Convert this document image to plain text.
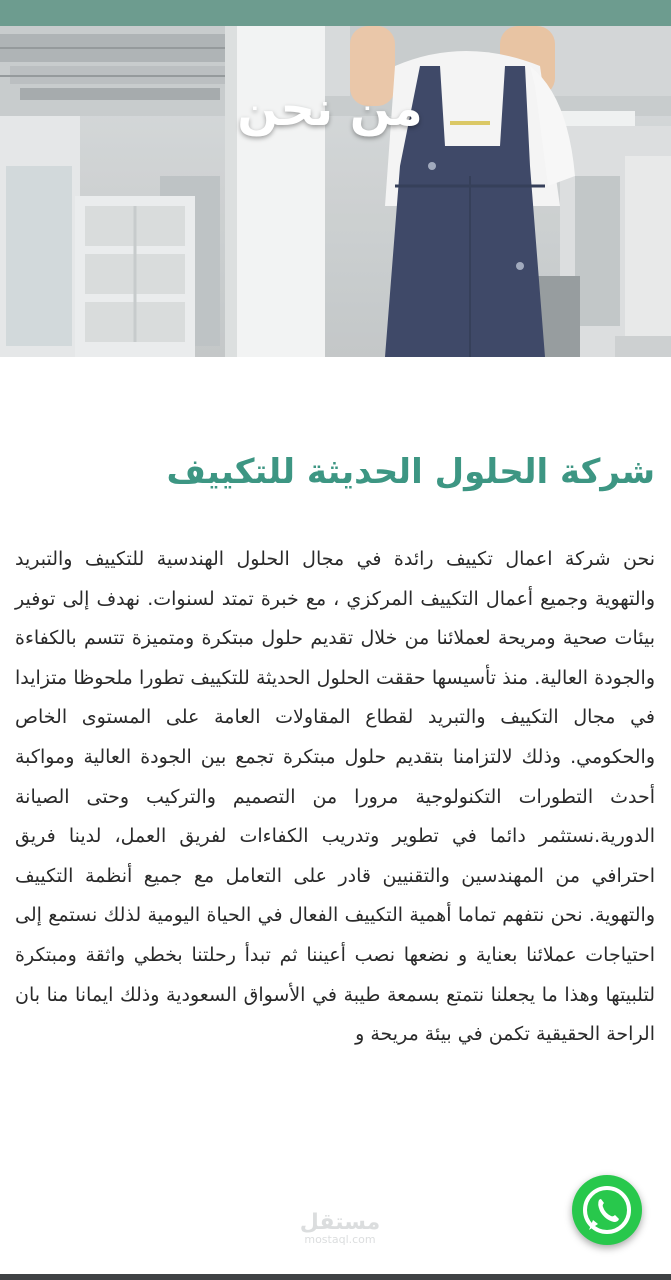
من نحن
شركة الحلول الحديثة للتكييف

نحن شركة اعمال تكييف رائدة في مجال الحلول الهندسية للتكييف والتبريد والتهوية وجميع أعمال التكييف المركزي ، مع خبرة تمتد لسنوات. نهدف إلى توفير بيئات صحية ومريحة لعملائنا من خلال تقديم حلول مبتكرة ومتميزة تتسم بالكفاءة والجودة العالية. منذ تأسيسها حققت الحلول الحديثة للتكييف تطورا ملحوظا متزايدا في مجال التكييف والتبريد لقطاع المقاولات العامة على المستوى الخاص والحكومي. وذلك لالتزامنا بتقديم حلول مبتكرة تجمع بين الجودة العالية ومواكبة أحدث التطورات التكنولوجية مرورا من التصميم والتركيب وحتى الصيانة الدورية.نستثمر دائما في تطوير وتدريب الكفاءات لفريق العمل، لدينا فريق احترافي من المهندسين والتقنيين قادر على التعامل مع جميع أنظمة التكييف والتهوية. نحن نتفهم تماما أهمية التكييف الفعال في الحياة اليومية لذلك نستمع إلى احتياجات عملائنا بعناية و نضعها نصب أعيننا ثم تبدأ رحلتنا بخطي واثقة ومبتكرة لتلبيتها وهذا ما يجعلنا نتمتع بسمعة طيبة في الأسواق السعودية وذلك ايمانا منا بان الراحة الحقيقية تكمن في بيئة مريحة و

مستقل
mostaql.com
